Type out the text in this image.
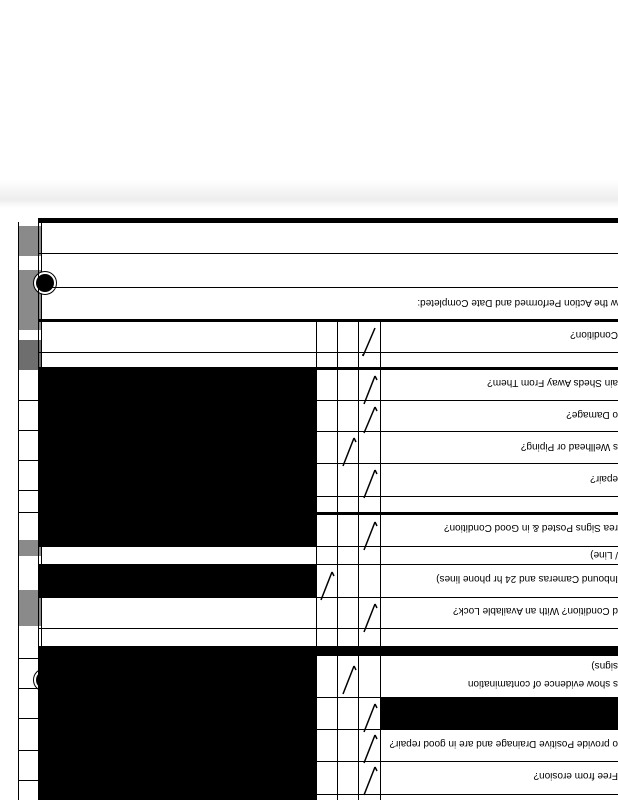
w the Action Performed and Date Completed:
Condition?
ain Sheds Away From Them?
o Damage?
s Wellhead or Piping?
epair?
rea Signs Posted & in Good Condition?
/ Line)
Inbound Cameras and 24 hr phone lines)
d Condition? With an Available Lock?
signs)
s show evidence of contamination
o provide Positive Drainage and are in good repair?
Free from erosion?
